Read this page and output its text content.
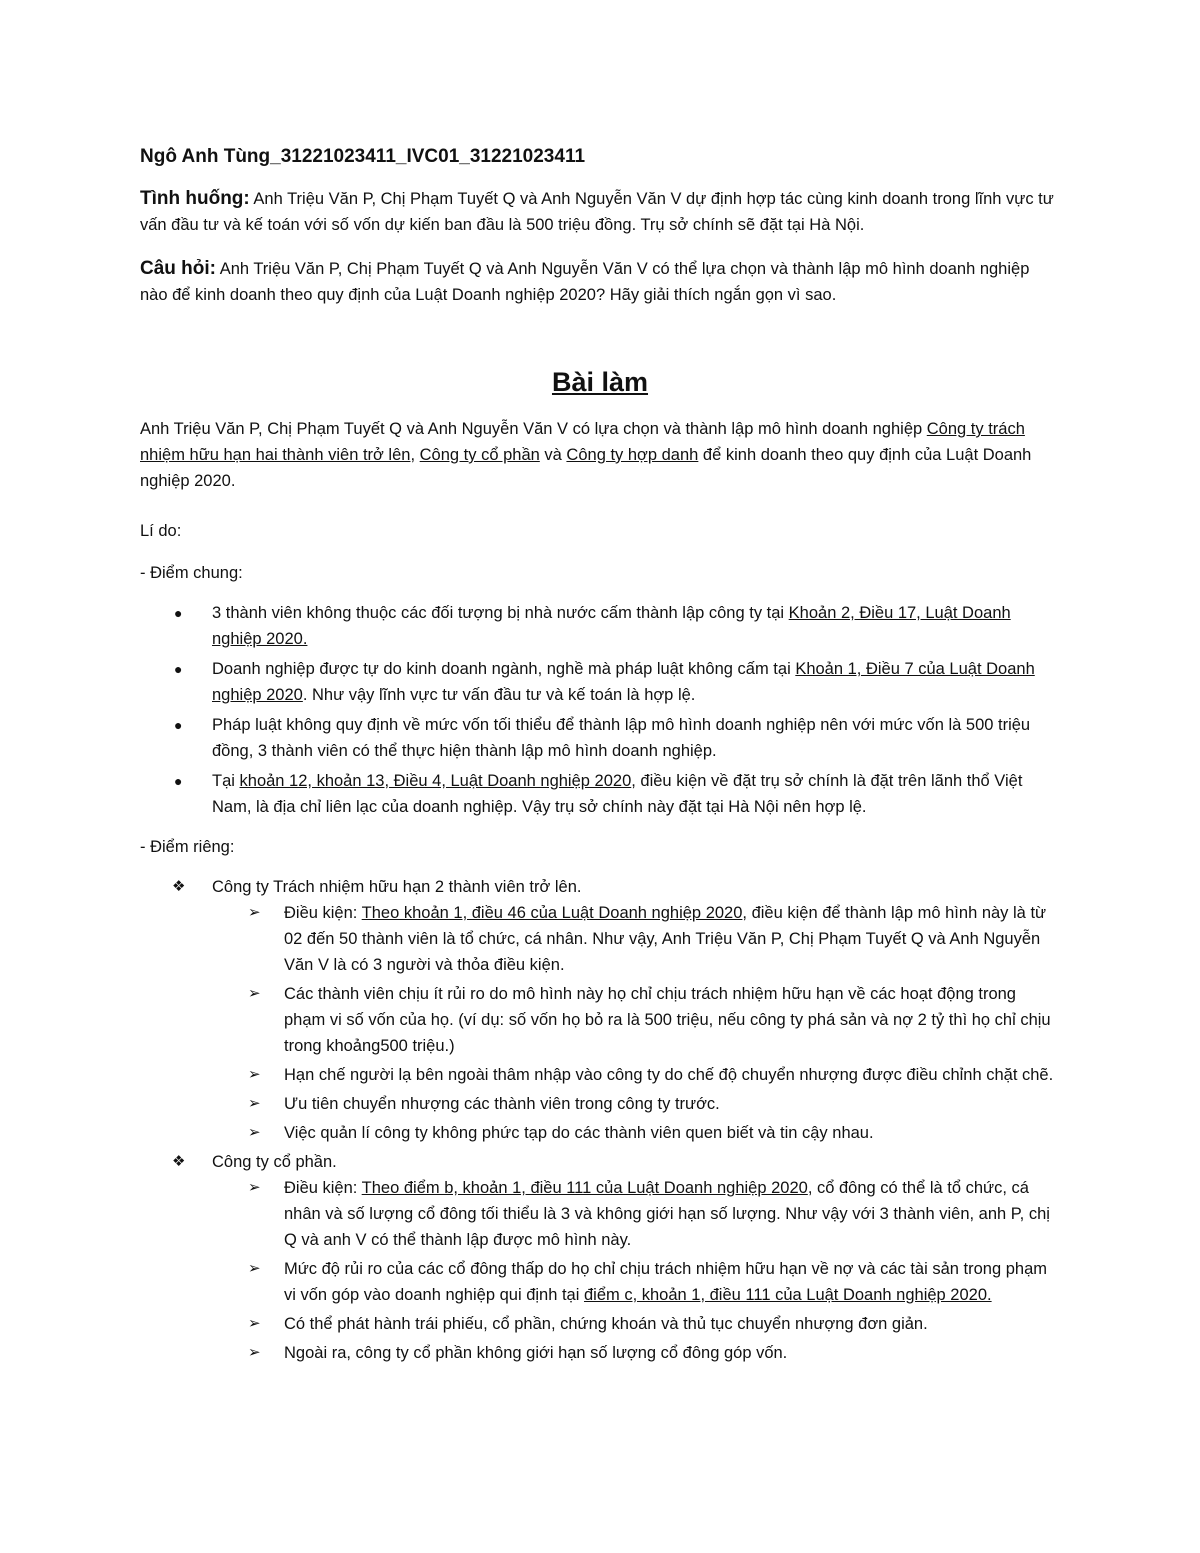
Ngô Anh Tùng_31221023411_IVC01_31221023411

Tình huống: Anh Triệu Văn P, Chị Phạm Tuyết Q và Anh Nguyễn Văn V dự định hợp tác cùng kinh doanh trong lĩnh vực tư vấn đầu tư và kế toán với số vốn dự kiến ban đầu là 500 triệu đồng. Trụ sở chính sẽ đặt tại Hà Nội.

Câu hỏi: Anh Triệu Văn P, Chị Phạm Tuyết Q và Anh Nguyễn Văn V có thể lựa chọn và thành lập mô hình doanh nghiệp nào để kinh doanh theo quy định của Luật Doanh nghiệp 2020? Hãy giải thích ngắn gọn vì sao.

Bài làm

Anh Triệu Văn P, Chị Phạm Tuyết Q và Anh Nguyễn Văn V có lựa chọn và thành lập mô hình doanh nghiệp Công ty trách nhiệm hữu hạn hai thành viên trở lên, Công ty cổ phần và Công ty hợp danh để kinh doanh theo quy định của Luật Doanh nghiệp 2020.

Lí do:

- Điểm chung:

● 3 thành viên không thuộc các đối tượng bị nhà nước cấm thành lập công ty tại Khoản 2, Điều 17, Luật Doanh nghiệp 2020.
● Doanh nghiệp được tự do kinh doanh ngành, nghề mà pháp luật không cấm tại Khoản 1, Điều 7 của Luật Doanh nghiệp 2020. Như vậy lĩnh vực tư vấn đầu tư và kế toán là hợp lệ.
● Pháp luật không quy định về mức vốn tối thiểu để thành lập mô hình doanh nghiệp nên với mức vốn là 500 triệu đồng, 3 thành viên có thể thực hiện thành lập mô hình doanh nghiệp.
● Tại khoản 12, khoản 13, Điều 4, Luật Doanh nghiệp 2020, điều kiện về đặt trụ sở chính là đặt trên lãnh thổ Việt Nam, là địa chỉ liên lạc của doanh nghiệp. Vậy trụ sở chính này đặt tại Hà Nội nên hợp lệ.

- Điểm riêng:

❖ Công ty Trách nhiệm hữu hạn 2 thành viên trở lên.
➢ Điều kiện: Theo khoản 1, điều 46 của Luật Doanh nghiệp 2020, điều kiện để thành lập mô hình này là từ 02 đến 50 thành viên là tổ chức, cá nhân. Như vậy, Anh Triệu Văn P, Chị Phạm Tuyết Q và Anh Nguyễn Văn V là có 3 người và thỏa điều kiện.
➢ Các thành viên chịu ít rủi ro do mô hình này họ chỉ chịu trách nhiệm hữu hạn về các hoạt động trong phạm vi số vốn của họ. (ví dụ: số vốn họ bỏ ra là 500 triệu, nếu công ty phá sản và nợ 2 tỷ thì họ chỉ chịu trong khoảng500 triệu.)
➢ Hạn chế người lạ bên ngoài thâm nhập vào công ty do chế độ chuyển nhượng được điều chỉnh chặt chẽ.
➢ Ưu tiên chuyển nhượng các thành viên trong công ty trước.
➢ Việc quản lí công ty không phức tạp do các thành viên quen biết và tin cậy nhau.
❖ Công ty cổ phần.
➢ Điều kiện: Theo điểm b, khoản 1, điều 111 của Luật Doanh nghiệp 2020, cổ đông có thể là tổ chức, cá nhân và số lượng cổ đông tối thiểu là 3 và không giới hạn số lượng. Như vậy với 3 thành viên, anh P, chị Q và anh V có thể thành lập được mô hình này.
➢ Mức độ rủi ro của các cổ đông thấp do họ chỉ chịu trách nhiệm hữu hạn về nợ và các tài sản trong phạm vi vốn góp vào doanh nghiệp qui định tại điểm c, khoản 1, điều 111 của Luật Doanh nghiệp 2020.
➢ Có thể phát hành trái phiếu, cổ phần, chứng khoán và thủ tục chuyển nhượng đơn giản.
➢ Ngoài ra, công ty cổ phần không giới hạn số lượng cổ đông góp vốn.
